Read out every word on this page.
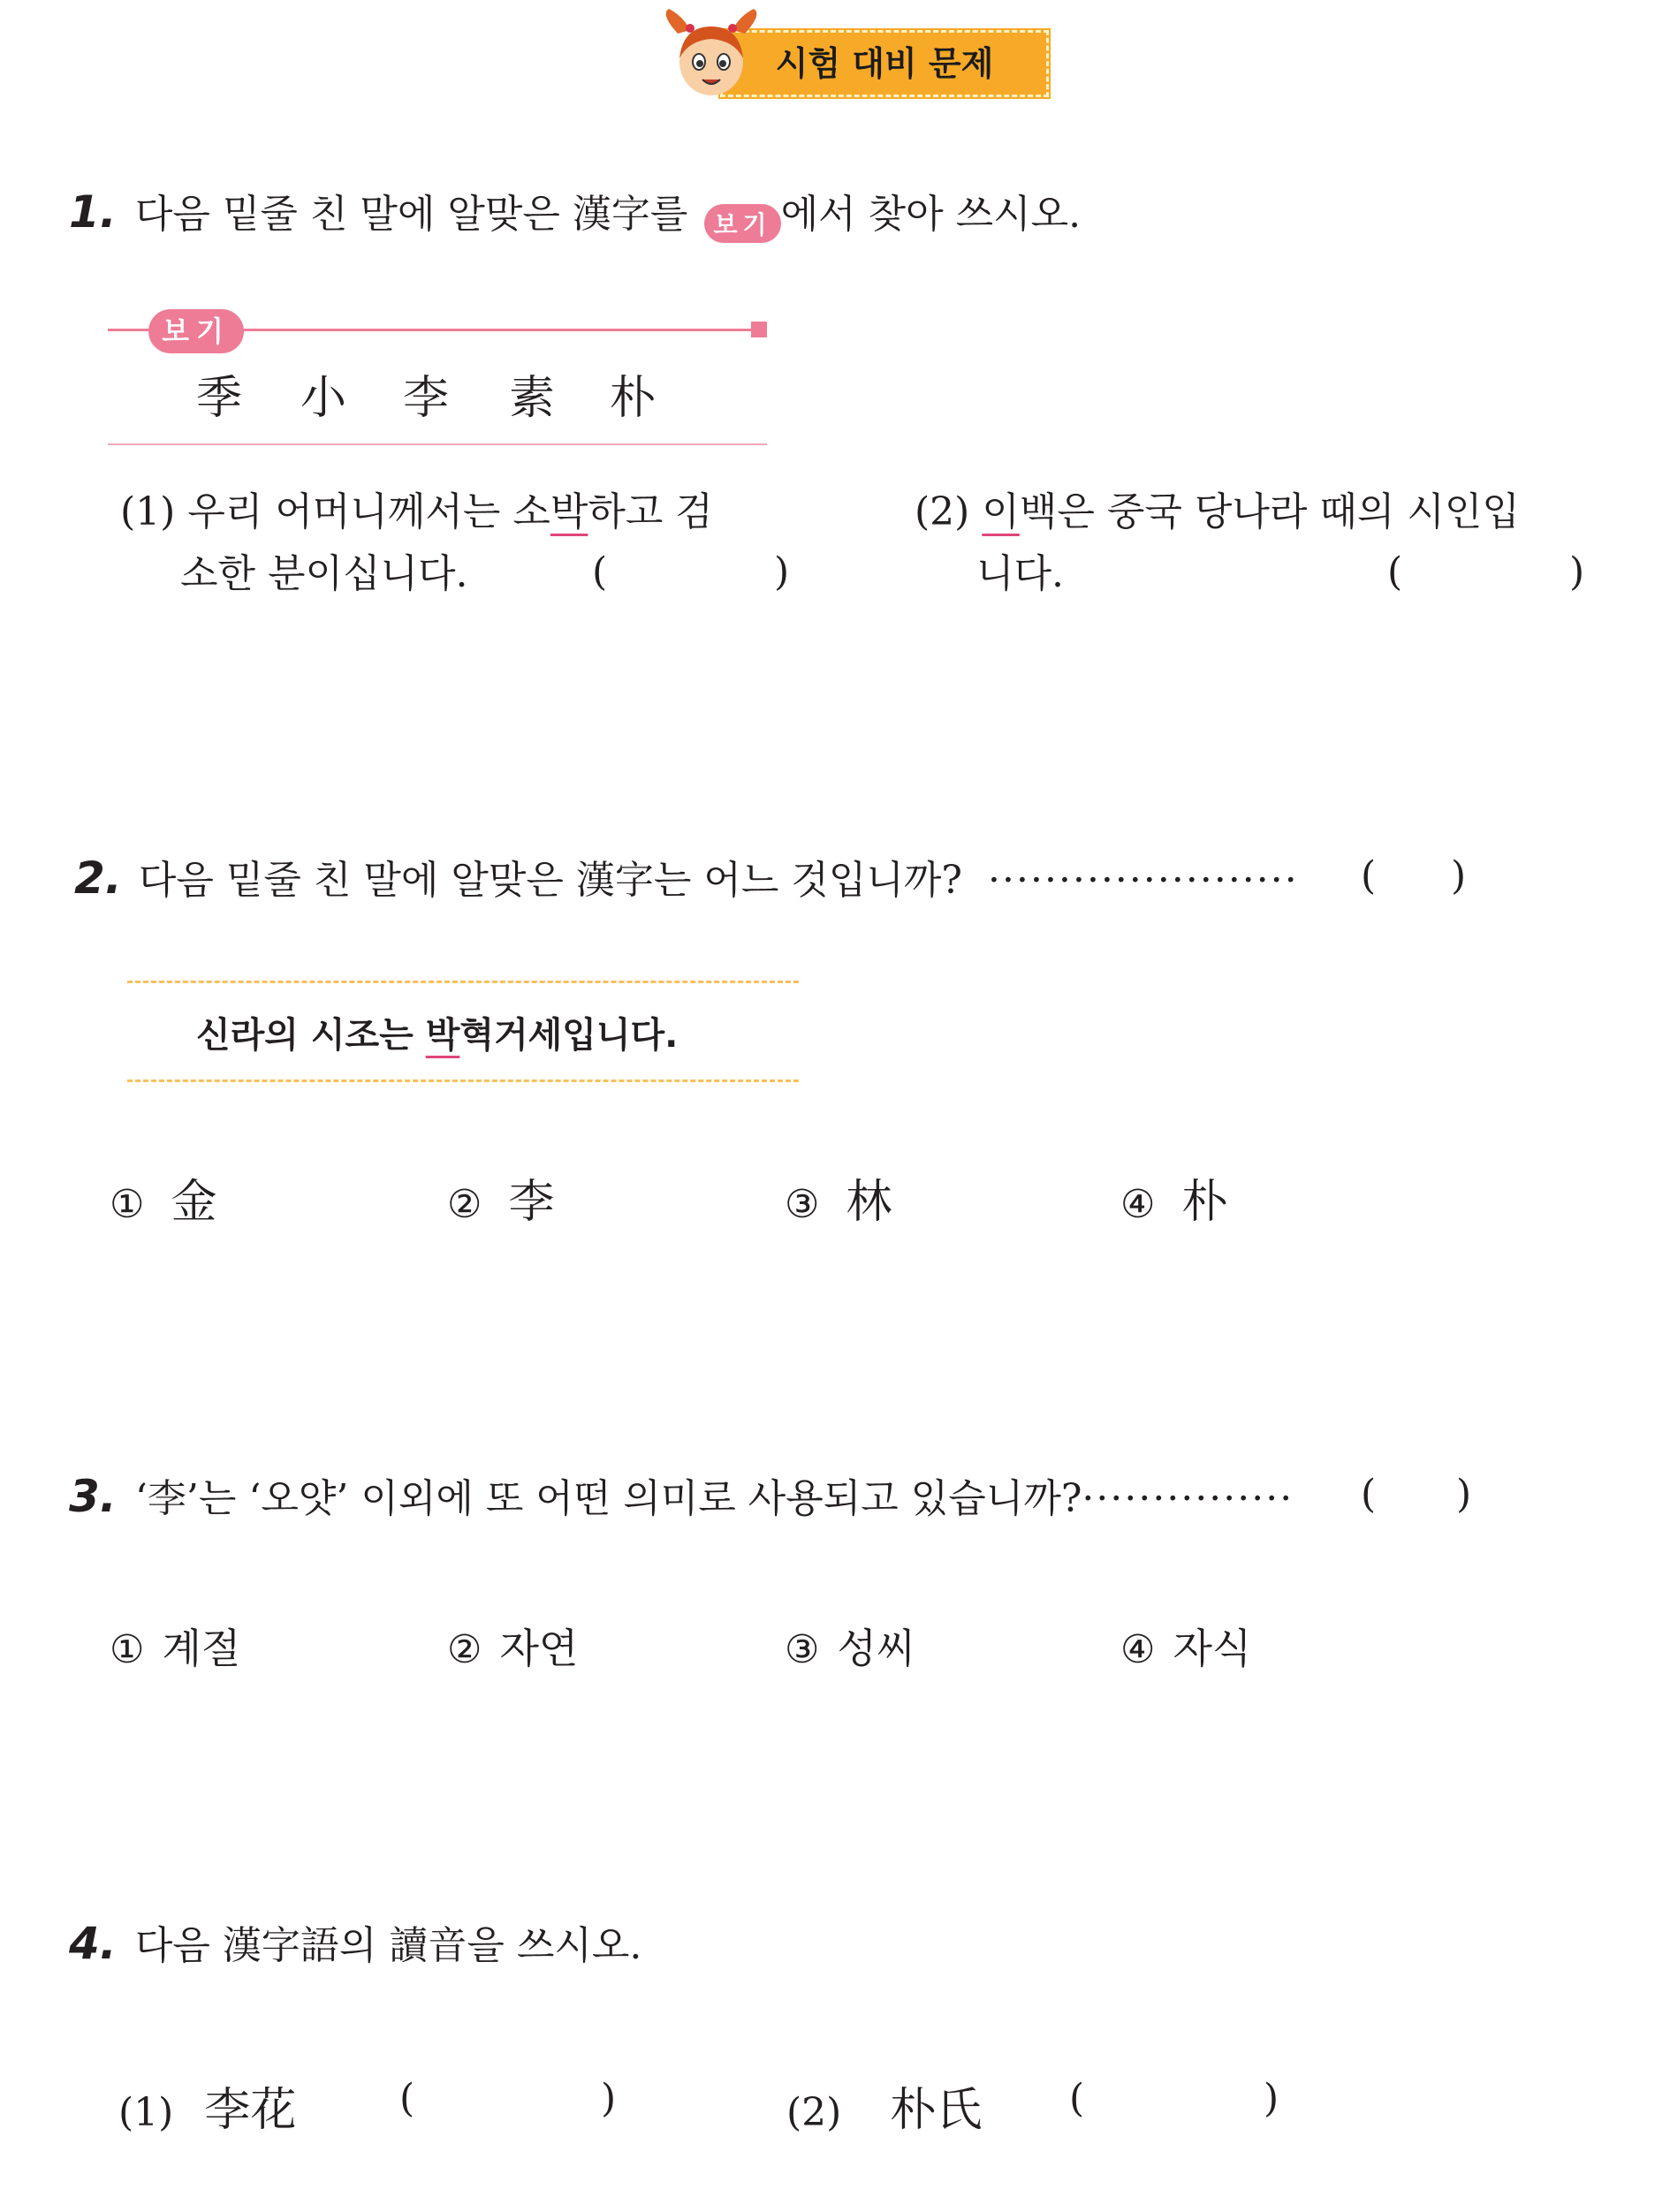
시험 대비 문제
1. 다음 밑줄 친 말에 알맞은 漢字를 보기 에서 찾아 쓰시오.
보기
季 小 李 素 朴
(1) 우리 어머니께서는 소박하고 검
소한 분이십니다.	(	)
(2) 이백은 중국 당나라 때의 시인입
니다.	(	)
2. 다음 밑줄 친 말에 알맞은 漢字는 어느 것입니까? ······················ ( )
신라의 시조는 박혁거세입니다.
① 金	② 李	③ 林	④ 朴
3. ‘李’는 ‘오얏’ 이외에 또 어떤 의미로 사용되고 있습니까?··············· ( )
① 계절	② 자연	③ 성씨	④ 자식
4. 다음 漢字語의 讀音을 쓰시오.
(1) 李花	(	)	(2) 朴氏 (	)
